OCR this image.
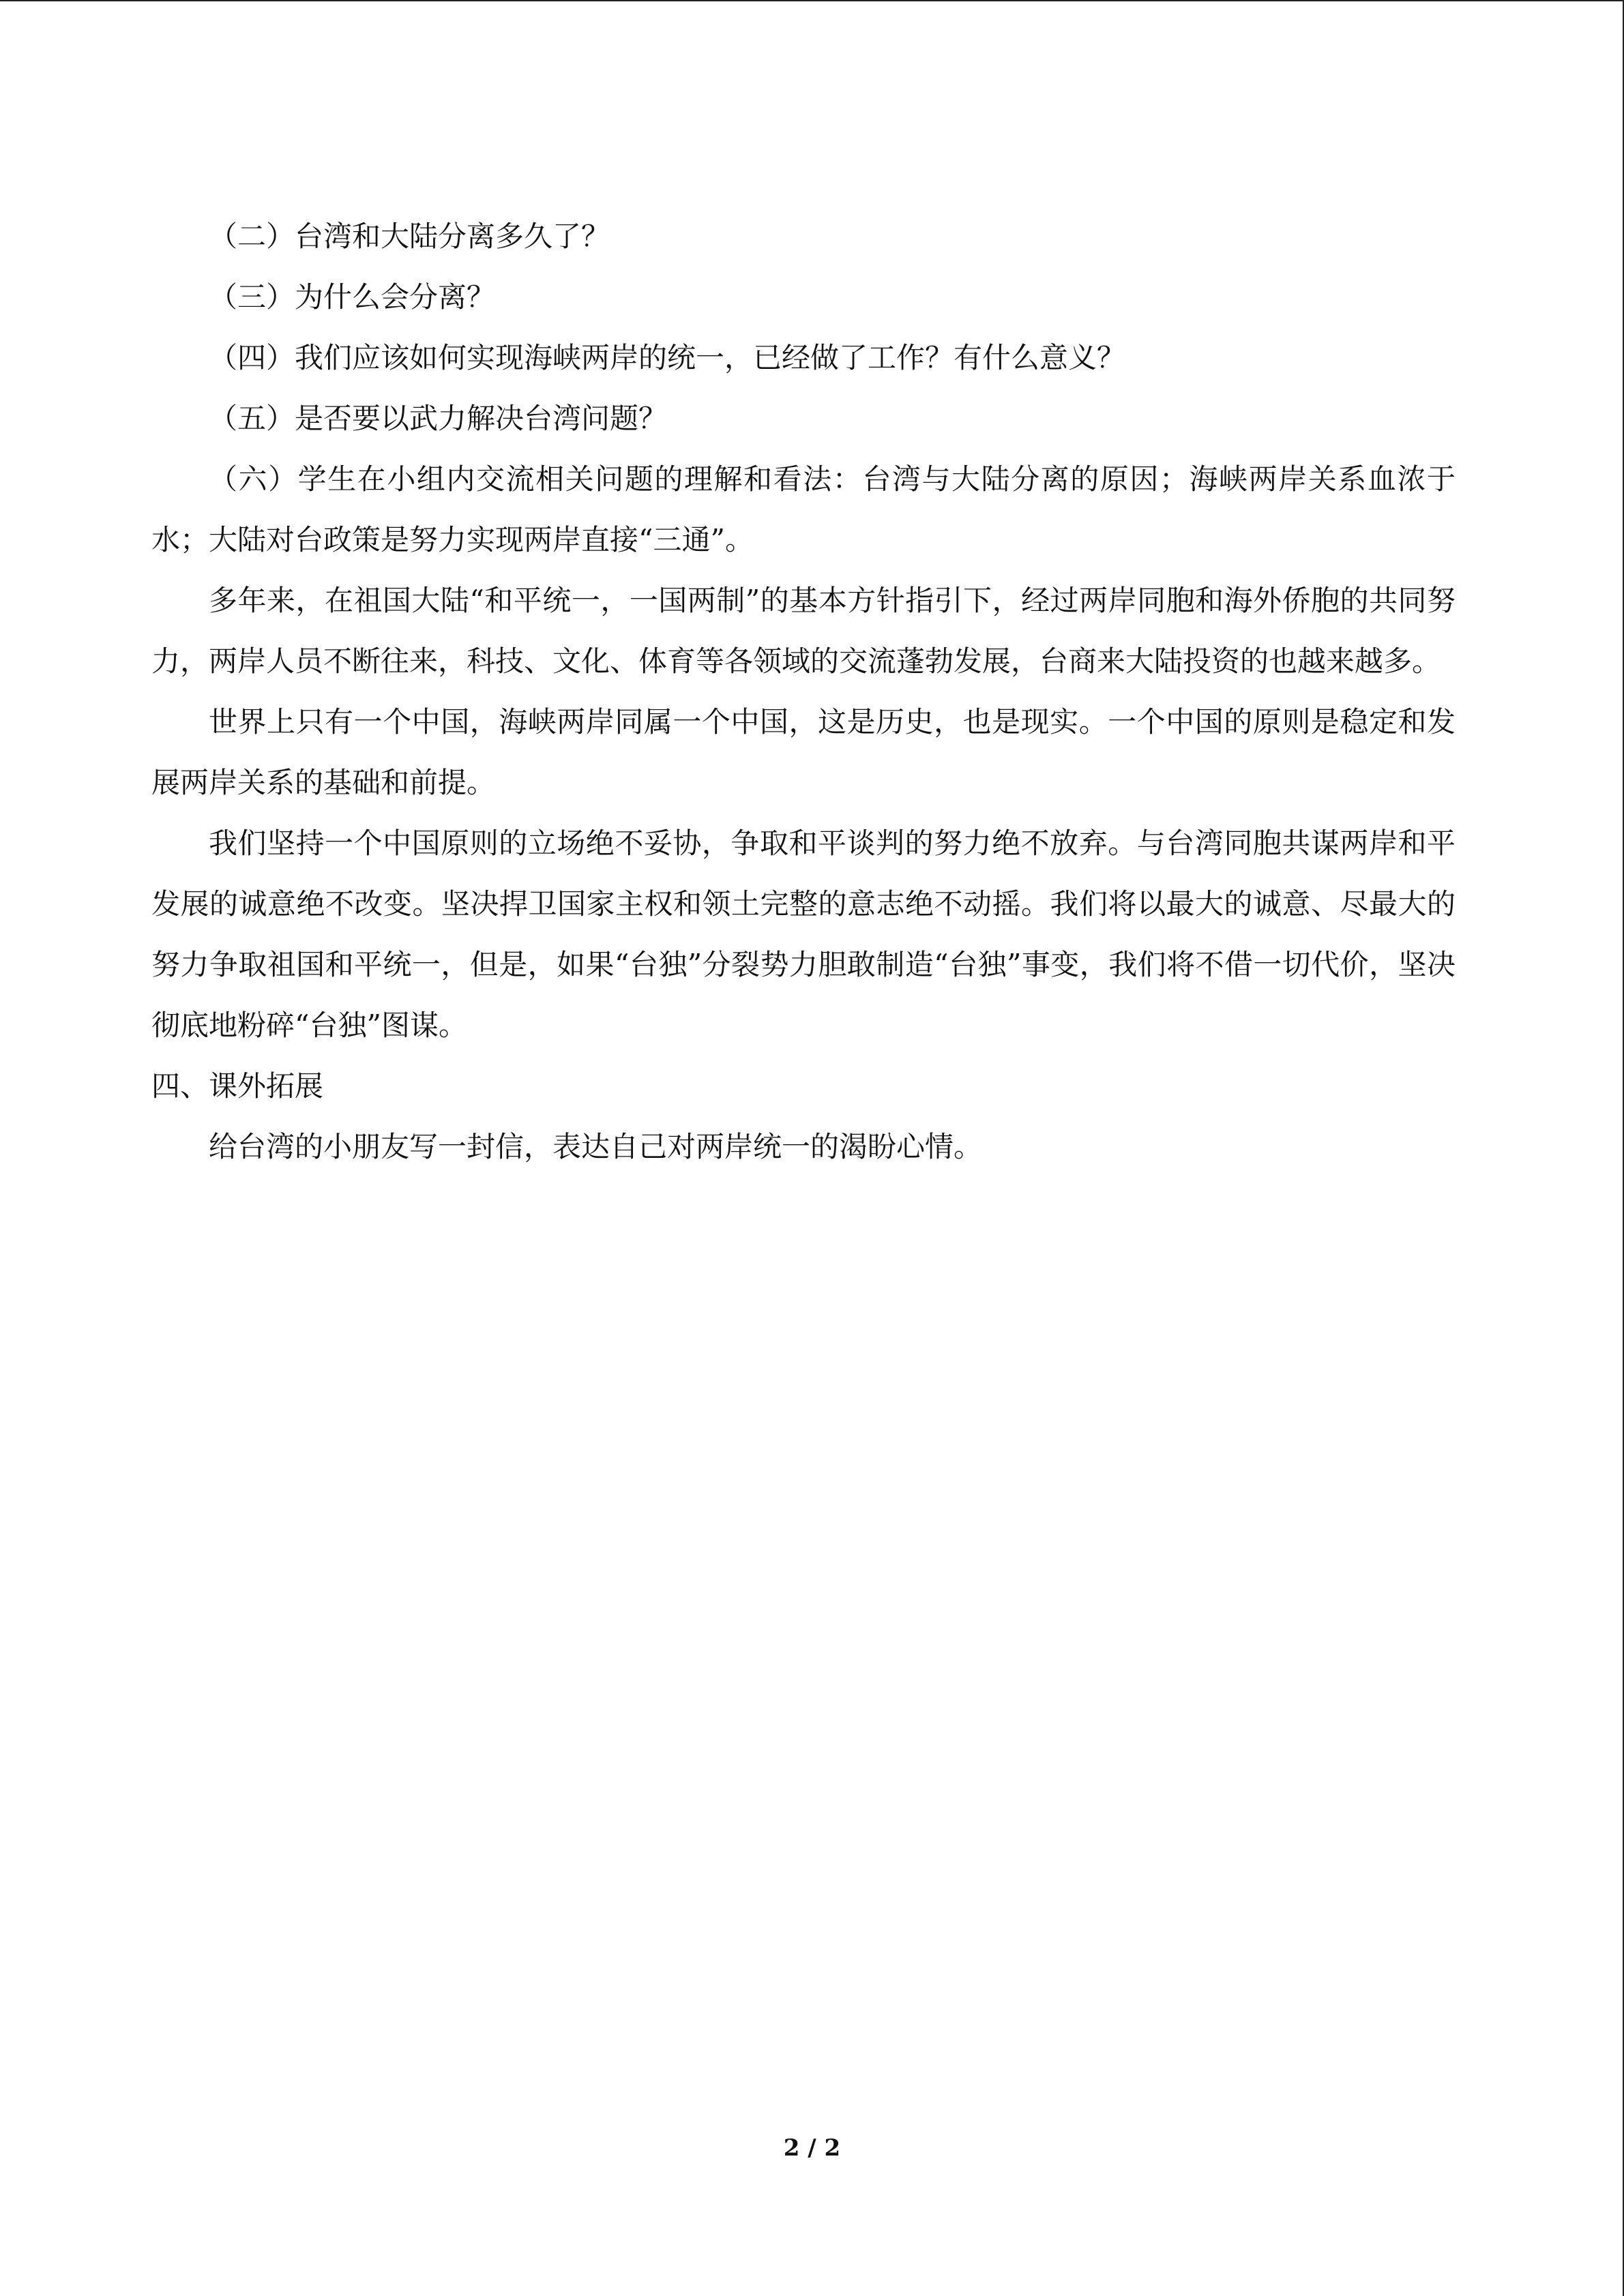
（二）台湾和大陆分离多久了？

（三）为什么会分离？

（四）我们应该如何实现海峡两岸的统一，已经做了工作？有什么意义？

（五）是否要以武力解决台湾问题？

（六）学生在小组内交流相关问题的理解和看法：台湾与大陆分离的原因；海峡两岸关系血浓于水；大陆对台政策是努力实现两岸直接“三通”。

多年来，在祖国大陆“和平统一，一国两制”的基本方针指引下，经过两岸同胞和海外侨胞的共同努力，两岸人员不断往来，科技、文化、体育等各领域的交流蓬勃发展，台商来大陆投资的也越来越多。

世界上只有一个中国，海峡两岸同属一个中国，这是历史，也是现实。一个中国的原则是稳定和发展两岸关系的基础和前提。

我们坚持一个中国原则的立场绝不妥协，争取和平谈判的努力绝不放弃。与台湾同胞共谋两岸和平发展的诚意绝不改变。坚决捍卫国家主权和领土完整的意志绝不动摇。我们将以最大的诚意、尽最大的努力争取祖国和平统一，但是，如果“台独”分裂势力胆敢制造“台独”事变，我们将不借一切代价，坚决彻底地粉碎“台独”图谋。

四、课外拓展

给台湾的小朋友写一封信，表达自己对两岸统一的渴盼心情。

2 / 2
